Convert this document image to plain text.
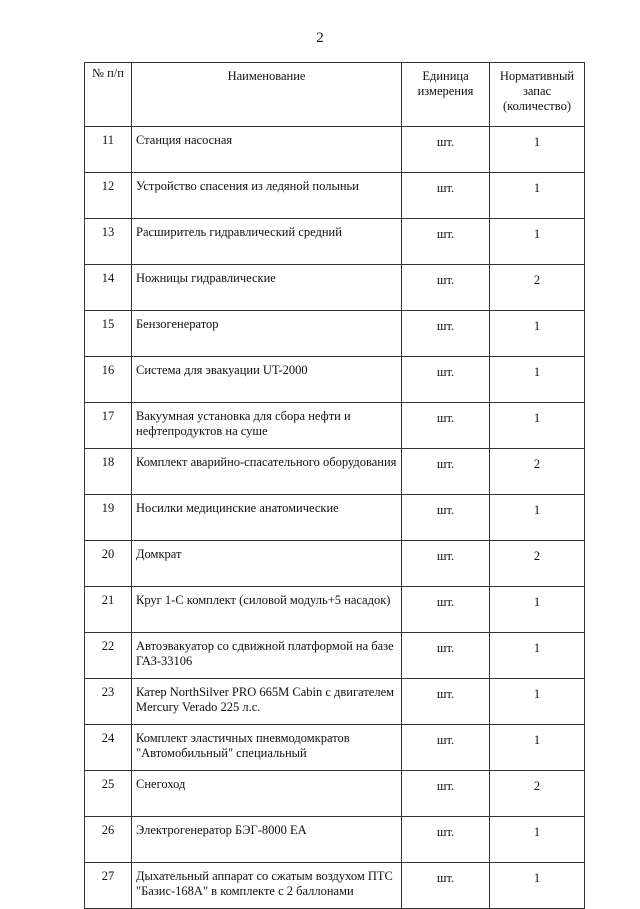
2
№ п/п	Наименование	Единица измерения	Нормативный запас (количество)
11	Станция насосная	шт.	1
12	Устройство спасения из ледяной полыньи	шт.	1
13	Расширитель гидравлический средний	шт.	1
14	Ножницы гидравлические	шт.	2
15	Бензогенератор	шт.	1
16	Система для эвакуации UT-2000	шт.	1
17	Вакуумная установка для сбора нефти и нефтепродуктов на суше	шт.	1
18	Комплект аварийно-спасательного оборудования	шт.	2
19	Носилки медицинские анатомические	шт.	1
20	Домкрат	шт.	2
21	Круг 1-С комплект (силовой модуль+5 насадок)	шт.	1
22	Автоэвакуатор со сдвижной платформой на базе ГАЗ-33106	шт.	1
23	Катер NorthSilver PRO 665M Cabin с двигателем Mercury Verado 225 л.с.	шт.	1
24	Комплект эластичных пневмодомкратов "Автомобильный" специальный	шт.	1
25	Снегоход	шт.	2
26	Электрогенератор БЭГ-8000 ЕА	шт.	1
27	Дыхательный аппарат со сжатым воздухом ПТС "Базис-168А" в комплекте с 2 баллонами	шт.	1
